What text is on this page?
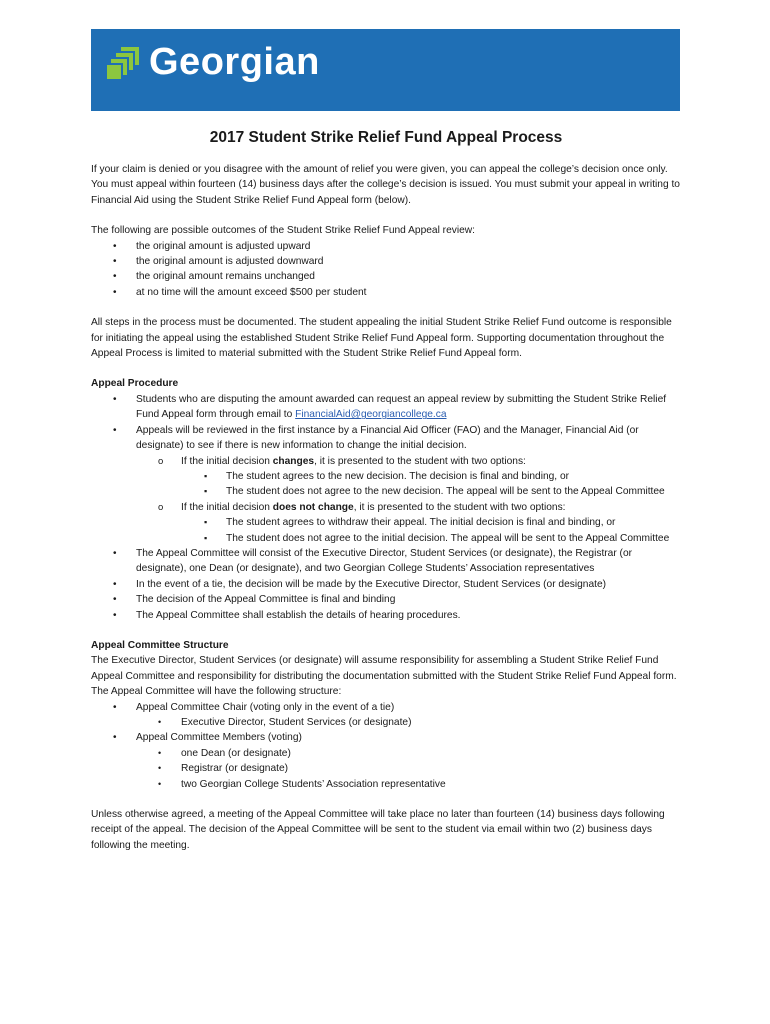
Georgian
2017 Student Strike Relief Fund Appeal Process

If your claim is denied or you disagree with the amount of relief you were given, you can appeal the college’s decision once only. You must appeal within fourteen (14) business days after the college’s decision is issued. You must submit your appeal in writing to Financial Aid using the Student Strike Relief Fund Appeal form (below).

The following are possible outcomes of the Student Strike Relief Fund Appeal review:

• the original amount is adjusted upward
• the original amount is adjusted downward
• the original amount remains unchanged
• at no time will the amount exceed $500 per student

All steps in the process must be documented. The student appealing the initial Student Strike Relief Fund outcome is responsible for initiating the appeal using the established Student Strike Relief Fund Appeal form. Supporting documentation throughout the Appeal Process is limited to material submitted with the Student Strike Relief Fund Appeal form.

Appeal Procedure

• Students who are disputing the amount awarded can request an appeal review by submitting the Student Strike Relief Fund Appeal form through email to FinancialAid@georgiancollege.ca
• Appeals will be reviewed in the first instance by a Financial Aid Officer (FAO) and the Manager, Financial Aid (or designate) to see if there is new information to change the initial decision.
o If the initial decision changes, it is presented to the student with two options:
▪ The student agrees to the new decision. The decision is final and binding, or
▪ The student does not agree to the new decision. The appeal will be sent to the Appeal Committee
o If the initial decision does not change, it is presented to the student with two options:
▪ The student agrees to withdraw their appeal. The initial decision is final and binding, or
▪ The student does not agree to the initial decision. The appeal will be sent to the Appeal Committee
• The Appeal Committee will consist of the Executive Director, Student Services (or designate), the Registrar (or designate), one Dean (or designate), and two Georgian College Students’ Association representatives
• In the event of a tie, the decision will be made by the Executive Director, Student Services (or designate)
• The decision of the Appeal Committee is final and binding
• The Appeal Committee shall establish the details of hearing procedures.

Appeal Committee Structure

The Executive Director, Student Services (or designate) will assume responsibility for assembling a Student Strike Relief Fund Appeal Committee and responsibility for distributing the documentation submitted with the Student Strike Relief Fund Appeal form. The Appeal Committee will have the following structure:

• Appeal Committee Chair (voting only in the event of a tie)
• Executive Director, Student Services (or designate)
• Appeal Committee Members (voting)
• one Dean (or designate)
• Registrar (or designate)
• two Georgian College Students’ Association representative

Unless otherwise agreed, a meeting of the Appeal Committee will take place no later than fourteen (14) business days following receipt of the appeal. The decision of the Appeal Committee will be sent to the student via email within two (2) business days following the meeting.
